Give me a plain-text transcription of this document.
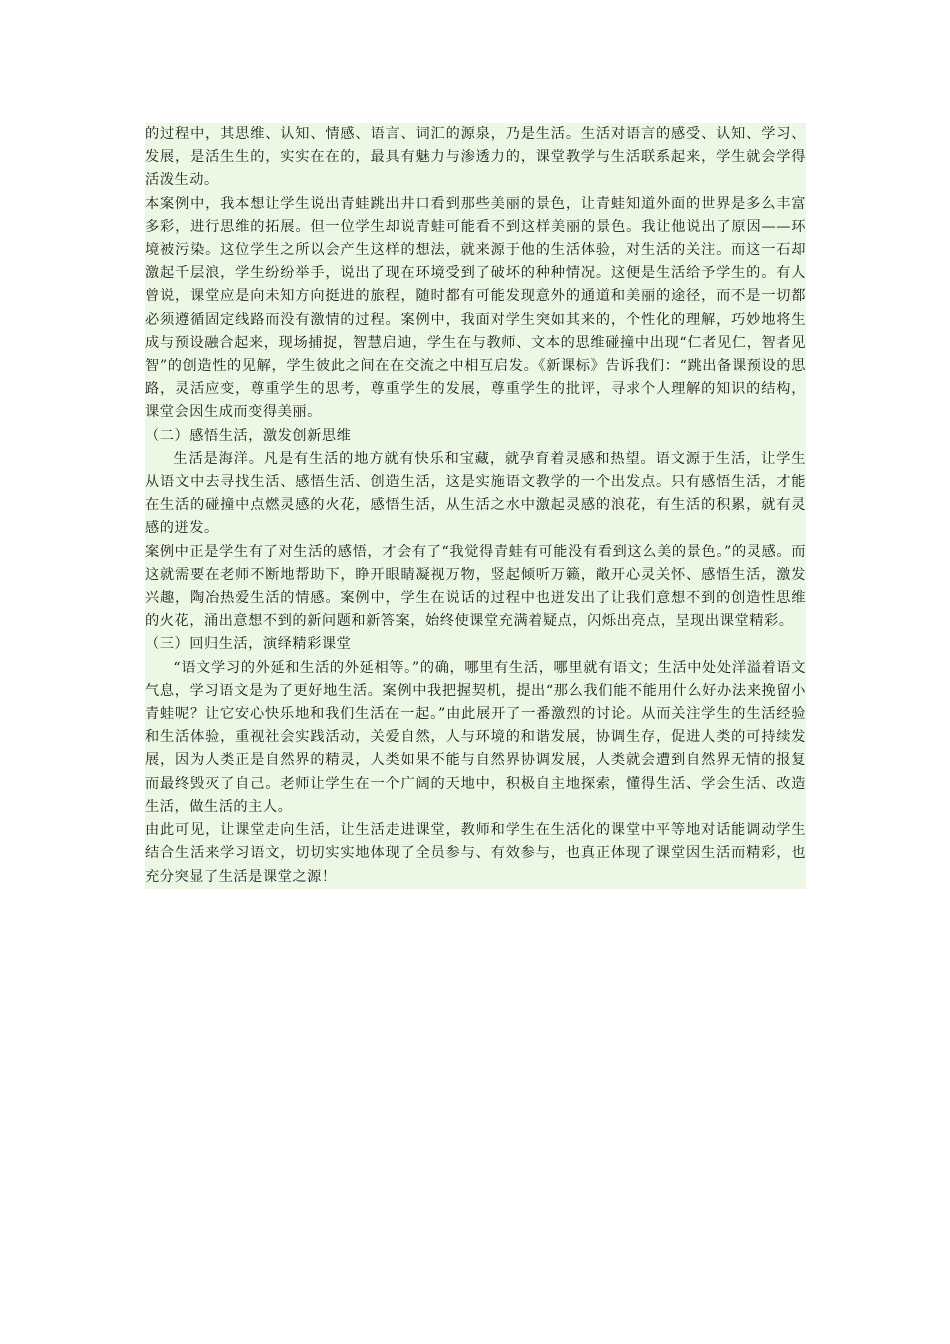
的过程中，其思维、认知、情感、语言、词汇的源泉，乃是生活。生活对语言的感受、认知、学习、发展，是活生生的，实实在在的，最具有魅力与渗透力的，课堂教学与生活联系起来，学生就会学得活泼生动。

本案例中，我本想让学生说出青蛙跳出井口看到那些美丽的景色，让青蛙知道外面的世界是多么丰富多彩，进行思维的拓展。但一位学生却说青蛙可能看不到这样美丽的景色。我让他说出了原因——环境被污染。这位学生之所以会产生这样的想法，就来源于他的生活体验，对生活的关注。而这一石却激起千层浪，学生纷纷举手，说出了现在环境受到了破坏的种种情况。这便是生活给予学生的。有人曾说，课堂应是向未知方向挺进的旅程，随时都有可能发现意外的通道和美丽的途径，而不是一切都必须遵循固定线路而没有激情的过程。案例中，我面对学生突如其来的，个性化的理解，巧妙地将生成与预设融合起来，现场捕捉，智慧启迪，学生在与教师、文本的思维碰撞中出现“仁者见仁，智者见智”的创造性的见解，学生彼此之间在在交流之中相互启发。《新课标》告诉我们：“跳出备课预设的思路，灵活应变，尊重学生的思考，尊重学生的发展，尊重学生的批评，寻求个人理解的知识的结构，课堂会因生成而变得美丽。

（二）感悟生活，激发创新思维

生活是海洋。凡是有生活的地方就有快乐和宝藏，就孕育着灵感和热望。语文源于生活，让学生从语文中去寻找生活、感悟生活、创造生活，这是实施语文教学的一个出发点。只有感悟生活，才能在生活的碰撞中点燃灵感的火花，感悟生活，从生活之水中激起灵感的浪花，有生活的积累，就有灵感的迸发。

案例中正是学生有了对生活的感悟，才会有了“我觉得青蛙有可能没有看到这么美的景色。”的灵感。而这就需要在老师不断地帮助下，睁开眼睛凝视万物，竖起倾听万籁，敞开心灵关怀、感悟生活，激发兴趣，陶冶热爱生活的情感。案例中，学生在说话的过程中也迸发出了让我们意想不到的创造性思维的火花，涌出意想不到的新问题和新答案，始终使课堂充满着疑点，闪烁出亮点，呈现出课堂精彩。

（三）回归生活，演绎精彩课堂

“语文学习的外延和生活的外延相等。”的确，哪里有生活，哪里就有语文；生活中处处洋溢着语文气息，学习语文是为了更好地生活。案例中我把握契机，提出“那么我们能不能用什么好办法来挽留小青蛙呢？让它安心快乐地和我们生活在一起。”由此展开了一番激烈的讨论。从而关注学生的生活经验和生活体验，重视社会实践活动，关爱自然，人与环境的和谐发展，协调生存，促进人类的可持续发展，因为人类正是自然界的精灵，人类如果不能与自然界协调发展，人类就会遭到自然界无情的报复而最终毁灭了自己。老师让学生在一个广阔的天地中，积极自主地探索，懂得生活、学会生活、改造生活，做生活的主人。

由此可见，让课堂走向生活，让生活走进课堂，教师和学生在生活化的课堂中平等地对话能调动学生结合生活来学习语文，切切实实地体现了全员参与、有效参与，也真正体现了课堂因生活而精彩，也充分突显了生活是课堂之源！
